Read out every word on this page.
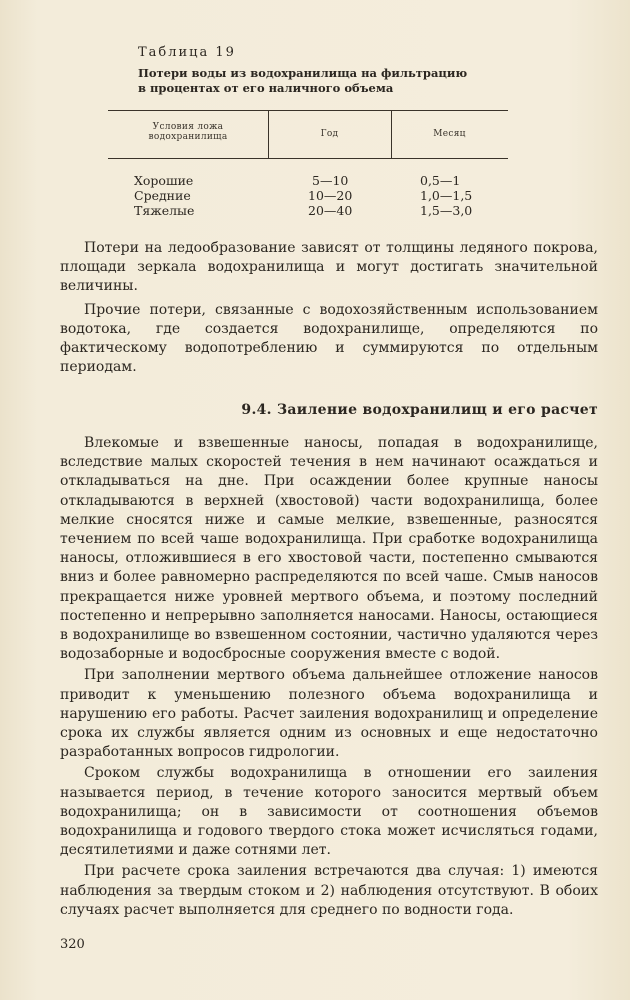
Таблица 19
Потери воды из водохранилища на фильтрацию
в процентах от его наличного объема
Условия ложа
водохранилища	Год	Месяц
Хорошие	5—10	0,5—1
Средние	10—20	1,0—1,5
Тяжелые	20—40	1,5—3,0

Потери на ледообразование зависят от толщины ледяного покрова, площади зеркала водохранилища и могут достигать значительной величины.

Прочие потери, связанные с водохозяйственным использованием водотока, где создается водохранилище, определяются по фактическому водопотреблению и суммируются по отдельным периодам.

9.4. Заиление водохранилищ и его расчет

Влекомые и взвешенные наносы, попадая в водохранилище, вследствие малых скоростей течения в нем начинают осаждаться и откладываться на дне. При осаждении более крупные наносы откладываются в верхней (хвостовой) части водохранилища, более мелкие сносятся ниже и самые мелкие, взвешенные, разносятся течением по всей чаше водохранилища. При сработке водохранилища наносы, отложившиеся в его хвостовой части, постепенно смываются вниз и более равномерно распределяются по всей чаше. Смыв наносов прекращается ниже уровней мертвого объема, и поэтому последний постепенно и непрерывно заполняется наносами. Наносы, остающиеся в водохранилище во взвешенном состоянии, частично удаляются через водозаборные и водосбросные сооружения вместе с водой.

При заполнении мертвого объема дальнейшее отложение наносов приводит к уменьшению полезного объема водохранилища и нарушению его работы. Расчет заиления водохранилищ и определение срока их службы является одним из основных и еще недостаточно разработанных вопросов гидрологии.

Сроком службы водохранилища в отношении его заиления называется период, в течение которого заносится мертвый объем водохранилища; он в зависимости от соотношения объемов водохранилища и годового твердого стока может исчисляться годами, десятилетиями и даже сотнями лет.

При расчете срока заиления встречаются два случая: 1) имеются наблюдения за твердым стоком и 2) наблюдения отсутствуют. В обоих случаях расчет выполняется для среднего по водности года.

320
